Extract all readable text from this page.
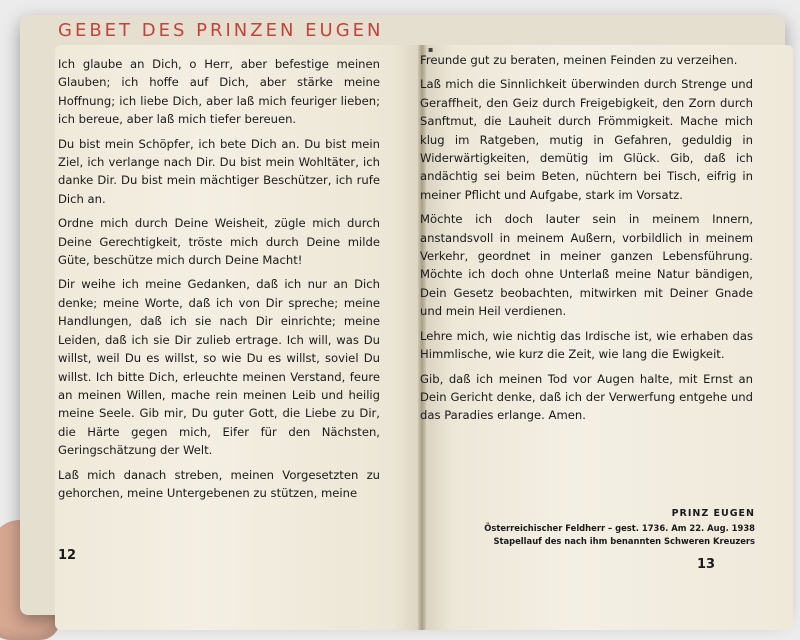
GEBET DES PRINZEN EUGEN

Ich glaube an Dich, o Herr, aber befestige meinen Glauben; ich hoffe auf Dich, aber stärke meine Hoffnung; ich liebe Dich, aber laß mich feuriger lieben; ich bereue, aber laß mich tiefer bereuen.

Du bist mein Schöpfer, ich bete Dich an. Du bist mein Ziel, ich verlange nach Dir. Du bist mein Wohltäter, ich danke Dir. Du bist mein mächtiger Beschützer, ich rufe Dich an.

Ordne mich durch Deine Weisheit, zügle mich durch Deine Gerechtigkeit, tröste mich durch Deine milde Güte, beschütze mich durch Deine Macht!

Dir weihe ich meine Gedanken, daß ich nur an Dich denke; meine Worte, daß ich von Dir spreche; meine Handlungen, daß ich sie nach Dir einrichte; meine Leiden, daß ich sie Dir zulieb ertrage. Ich will, was Du willst, weil Du es willst, so wie Du es willst, soviel Du willst. Ich bitte Dich, erleuchte meinen Verstand, feure an meinen Willen, mache rein meinen Leib und heilig meine Seele. Gib mir, Du guter Gott, die Liebe zu Dir, die Härte gegen mich, Eifer für den Nächsten, Geringschätzung der Welt.

Laß mich danach streben, meinen Vorgesetzten zu gehorchen, meine Untergebenen zu stützen, meine

12
▪

Freunde gut zu beraten, meinen Feinden zu verzeihen.

Laß mich die Sinnlichkeit überwinden durch Strenge und Geraffheit, den Geiz durch Freigebigkeit, den Zorn durch Sanftmut, die Lauheit durch Frömmigkeit. Mache mich klug im Ratgeben, mutig in Gefahren, geduldig in Widerwärtigkeiten, demütig im Glück. Gib, daß ich andächtig sei beim Beten, nüchtern bei Tisch, eifrig in meiner Pflicht und Aufgabe, stark im Vorsatz.

Möchte ich doch lauter sein in meinem Innern, anstandsvoll in meinem Außern, vorbildlich in meinem Verkehr, geordnet in meiner ganzen Lebensführung. Möchte ich doch ohne Unterlaß meine Natur bändigen, Dein Gesetz beobachten, mitwirken mit Deiner Gnade und mein Heil verdienen.

Lehre mich, wie nichtig das Irdische ist, wie erhaben das Himmlische, wie kurz die Zeit, wie lang die Ewigkeit.

Gib, daß ich meinen Tod vor Augen halte, mit Ernst an Dein Gericht denke, daß ich der Verwerfung entgehe und das Paradies erlange. Amen.

PRINZ EUGEN
Österreichischer Feldherr – gest. 1736. Am 22. Aug. 1938
Stapellauf des nach ihm benannten Schweren Kreuzers
13
